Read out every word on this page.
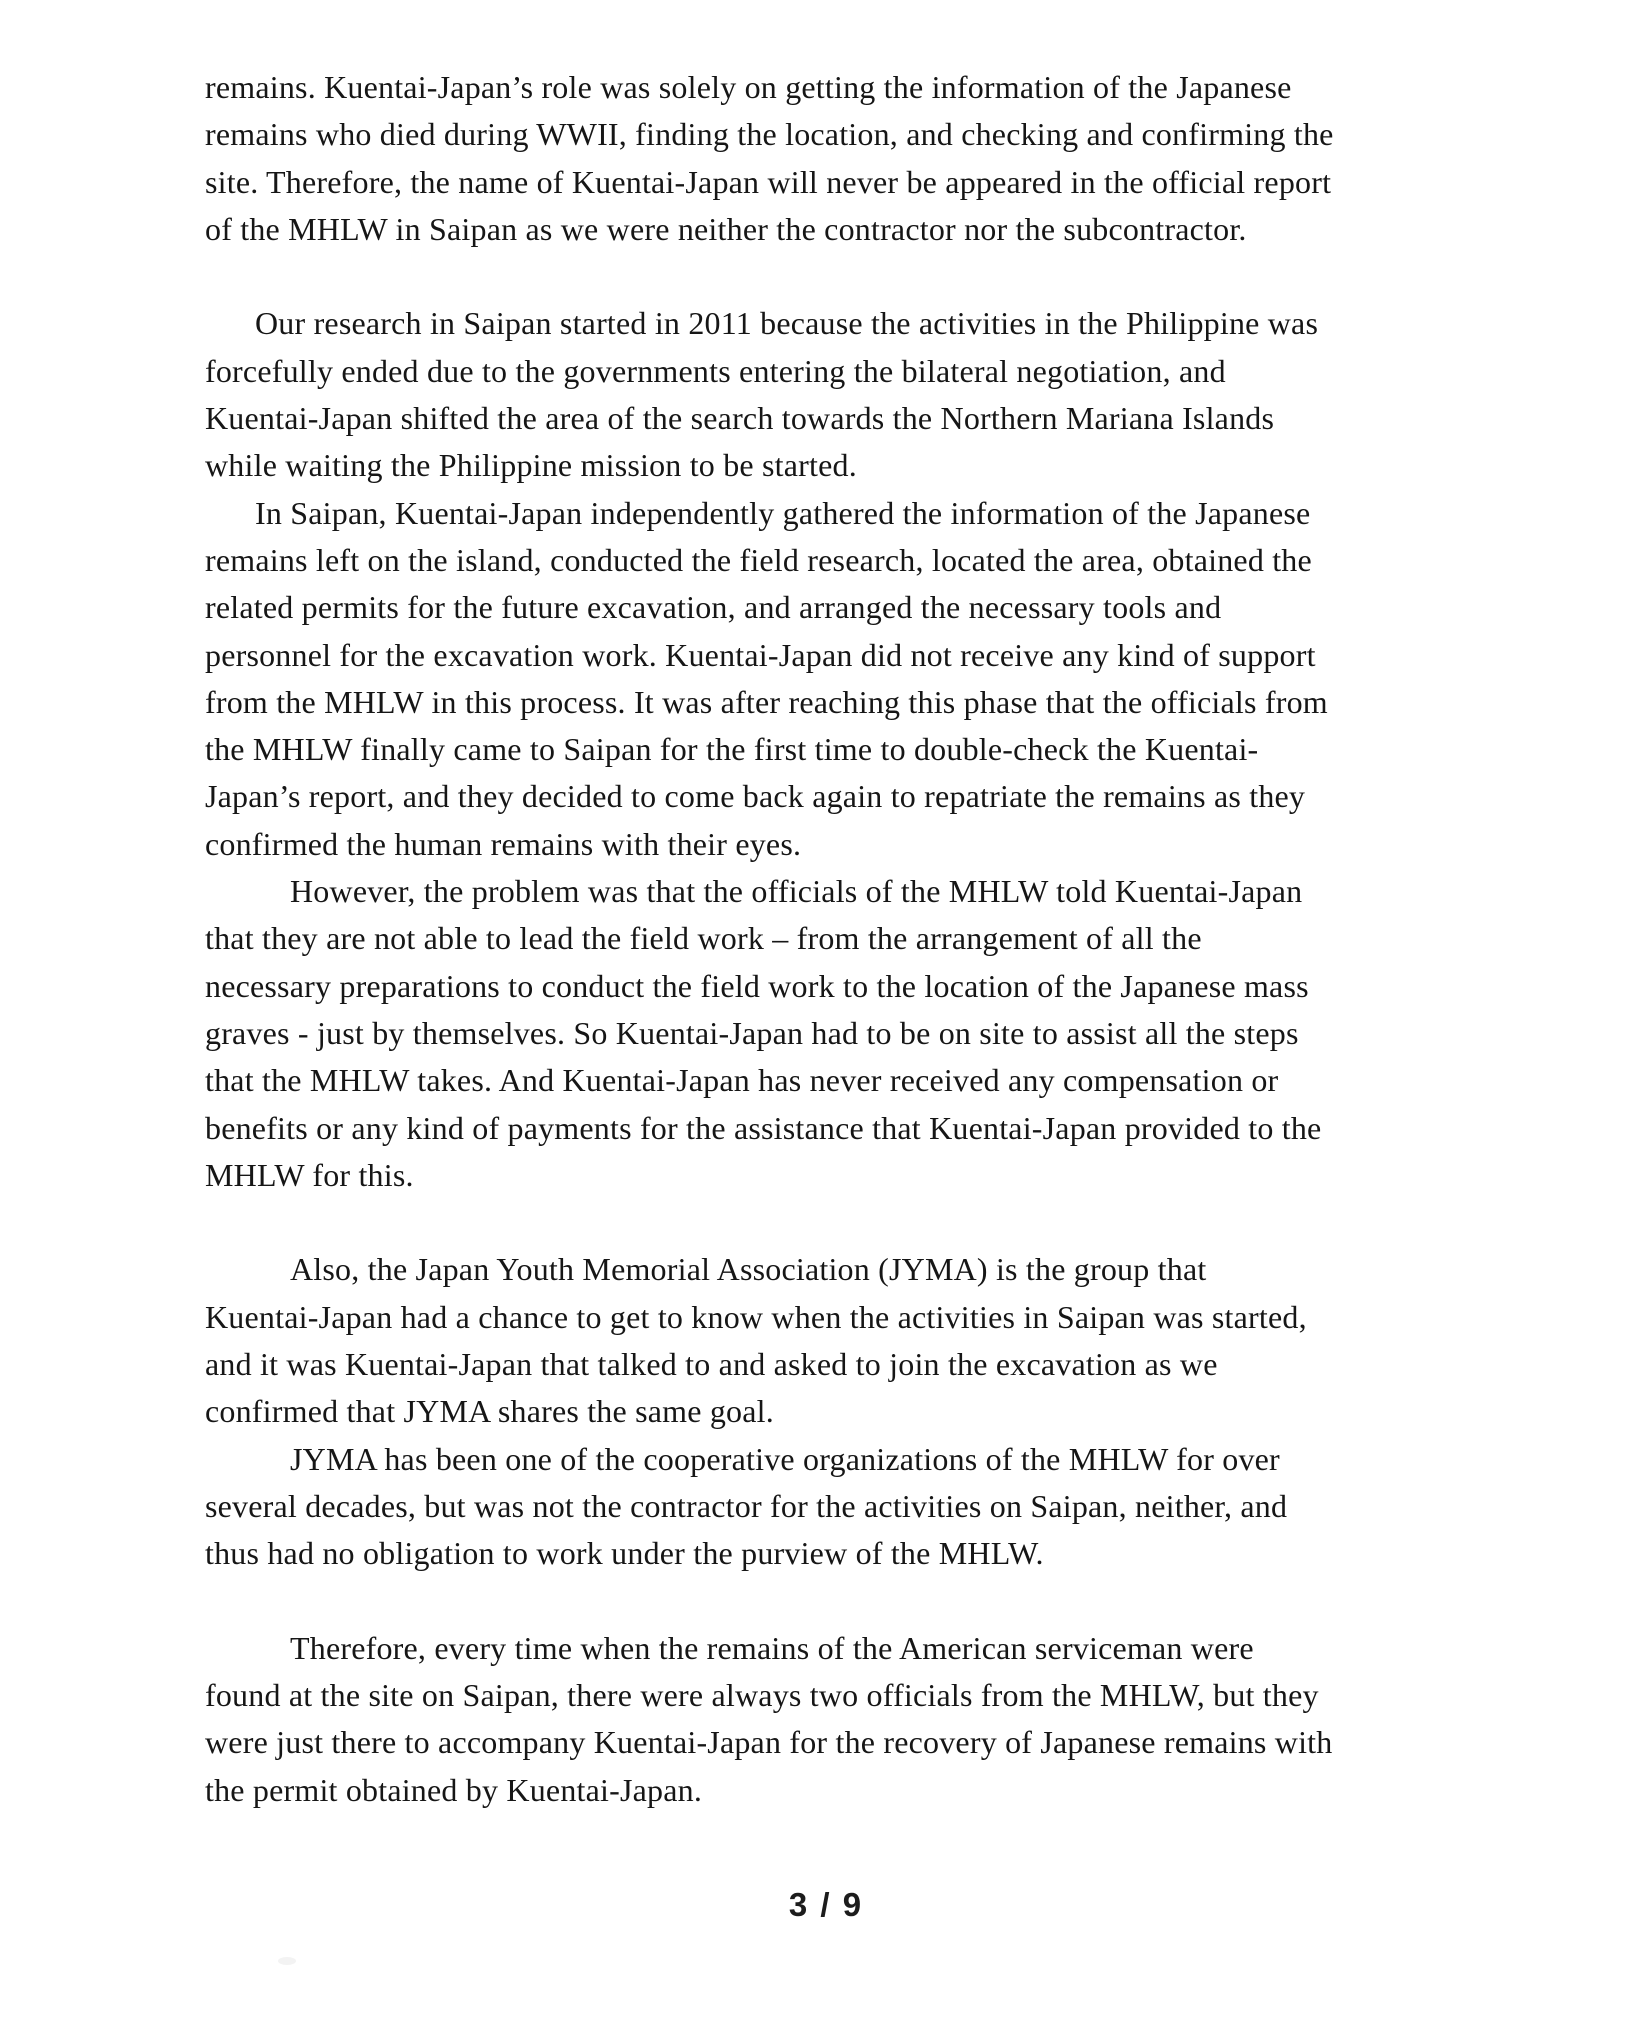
remains. Kuentai-Japan’s role was solely on getting the information of the Japanese
remains who died during WWII, finding the location, and checking and confirming the
site. Therefore, the name of Kuentai-Japan will never be appeared in the official report
of the MHLW in Saipan as we were neither the contractor nor the subcontractor.

Our research in Saipan started in 2011 because the activities in the Philippine was
forcefully ended due to the governments entering the bilateral negotiation, and
Kuentai-Japan shifted the area of the search towards the Northern Mariana Islands
while waiting the Philippine mission to be started.

In Saipan, Kuentai-Japan independently gathered the information of the Japanese
remains left on the island, conducted the field research, located the area, obtained the
related permits for the future excavation, and arranged the necessary tools and
personnel for the excavation work. Kuentai-Japan did not receive any kind of support
from the MHLW in this process. It was after reaching this phase that the officials from
the MHLW finally came to Saipan for the first time to double-check the Kuentai-
Japan’s report, and they decided to come back again to repatriate the remains as they
confirmed the human remains with their eyes.

However, the problem was that the officials of the MHLW told Kuentai-Japan
that they are not able to lead the field work – from the arrangement of all the
necessary preparations to conduct the field work to the location of the Japanese mass
graves - just by themselves. So Kuentai-Japan had to be on site to assist all the steps
that the MHLW takes. And Kuentai-Japan has never received any compensation or
benefits or any kind of payments for the assistance that Kuentai-Japan provided to the
MHLW for this.

Also, the Japan Youth Memorial Association (JYMA) is the group that
Kuentai-Japan had a chance to get to know when the activities in Saipan was started,
and it was Kuentai-Japan that talked to and asked to join the excavation as we
confirmed that JYMA shares the same goal.

JYMA has been one of the cooperative organizations of the MHLW for over
several decades, but was not the contractor for the activities on Saipan, neither, and
thus had no obligation to work under the purview of the MHLW.

Therefore, every time when the remains of the American serviceman were
found at the site on Saipan, there were always two officials from the MHLW, but they
were just there to accompany Kuentai-Japan for the recovery of Japanese remains with
the permit obtained by Kuentai-Japan.

3 / 9
